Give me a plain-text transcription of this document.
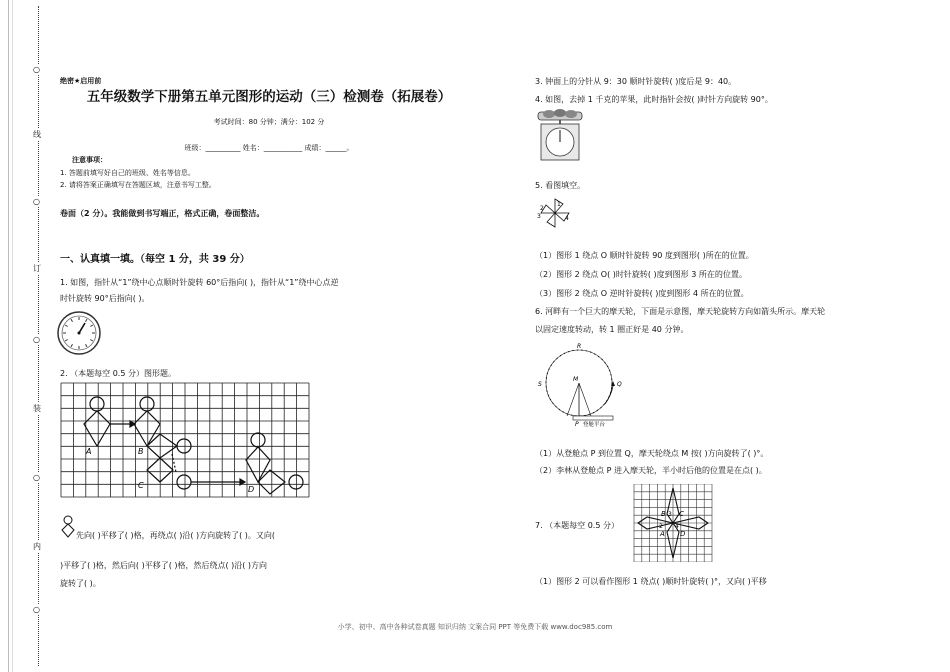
○
线
○
订
○
装
○
内
○
绝密★启用前
五年级数学下册第五单元图形的运动（三）检测卷（拓展卷）
考试时间：80 分钟；满分：102 分
班级：__________ 姓名：___________ 成绩：______。
注意事项：
1. 答题前填写好自己的班级、姓名等信息。
2. 请将答案正确填写在答题区域，注意书写工整。
卷面（2 分）。我能做到书写端正，格式正确，卷面整洁。
一、认真填一填。（每空 1 分，共 39 分）
1. 如图，指针从“1”绕中心点顺时针旋转 60°后指向( )，指针从“1”绕中心点逆
时针旋转 90°后指向( )。
2. （本题每空 0.5 分）图形题。
A	B
C	D
先向( )平移了( )格，再绕点( )沿( )方向旋转了( )。又向(
)平移了( )格，然后向( )平移了( )格，然后绕点( )沿( )方向
旋转了( )。
3. 钟面上的分针从 9：30 顺时针旋转( )度后是 9：40。
4. 如图，去掉 1 千克的苹果，此时指针会按( )时针方向旋转 90°。
5. 看图填空。
1
2
3	4
（1）图形 1 绕点 O 顺时针旋转 90 度到图形( )所在的位置。
（2）图形 2 绕点 O( )时针旋转( )度到图形 3 所在的位置。
（3）图形 2 绕点 O 逆时针旋转( )度到图形 4 所在的位置。
6. 河畔有一个巨大的摩天轮，下面是示意图，摩天轮旋转方向如箭头所示。摩天轮
以固定速度转动，转 1 圈正好是 40 分钟。
R
S	Q
M
P 登舱平台
（1）从登舱点 P 到位置 Q，摩天轮绕点 M 按( )方向旋转了( )°。
（2）李林从登舱点 P 进入摩天轮，半小时后他的位置是在点( )。
7. （本题每空 0.5 分）
B 3 C
2
A
4
D
（1）图形 2 可以看作图形 1 绕点( )顺时针旋转( )°，又向( )平移
小学、初中、高中各种试卷真题 知识归纳 文案合同 PPT 等免费下载 www.doc985.com
